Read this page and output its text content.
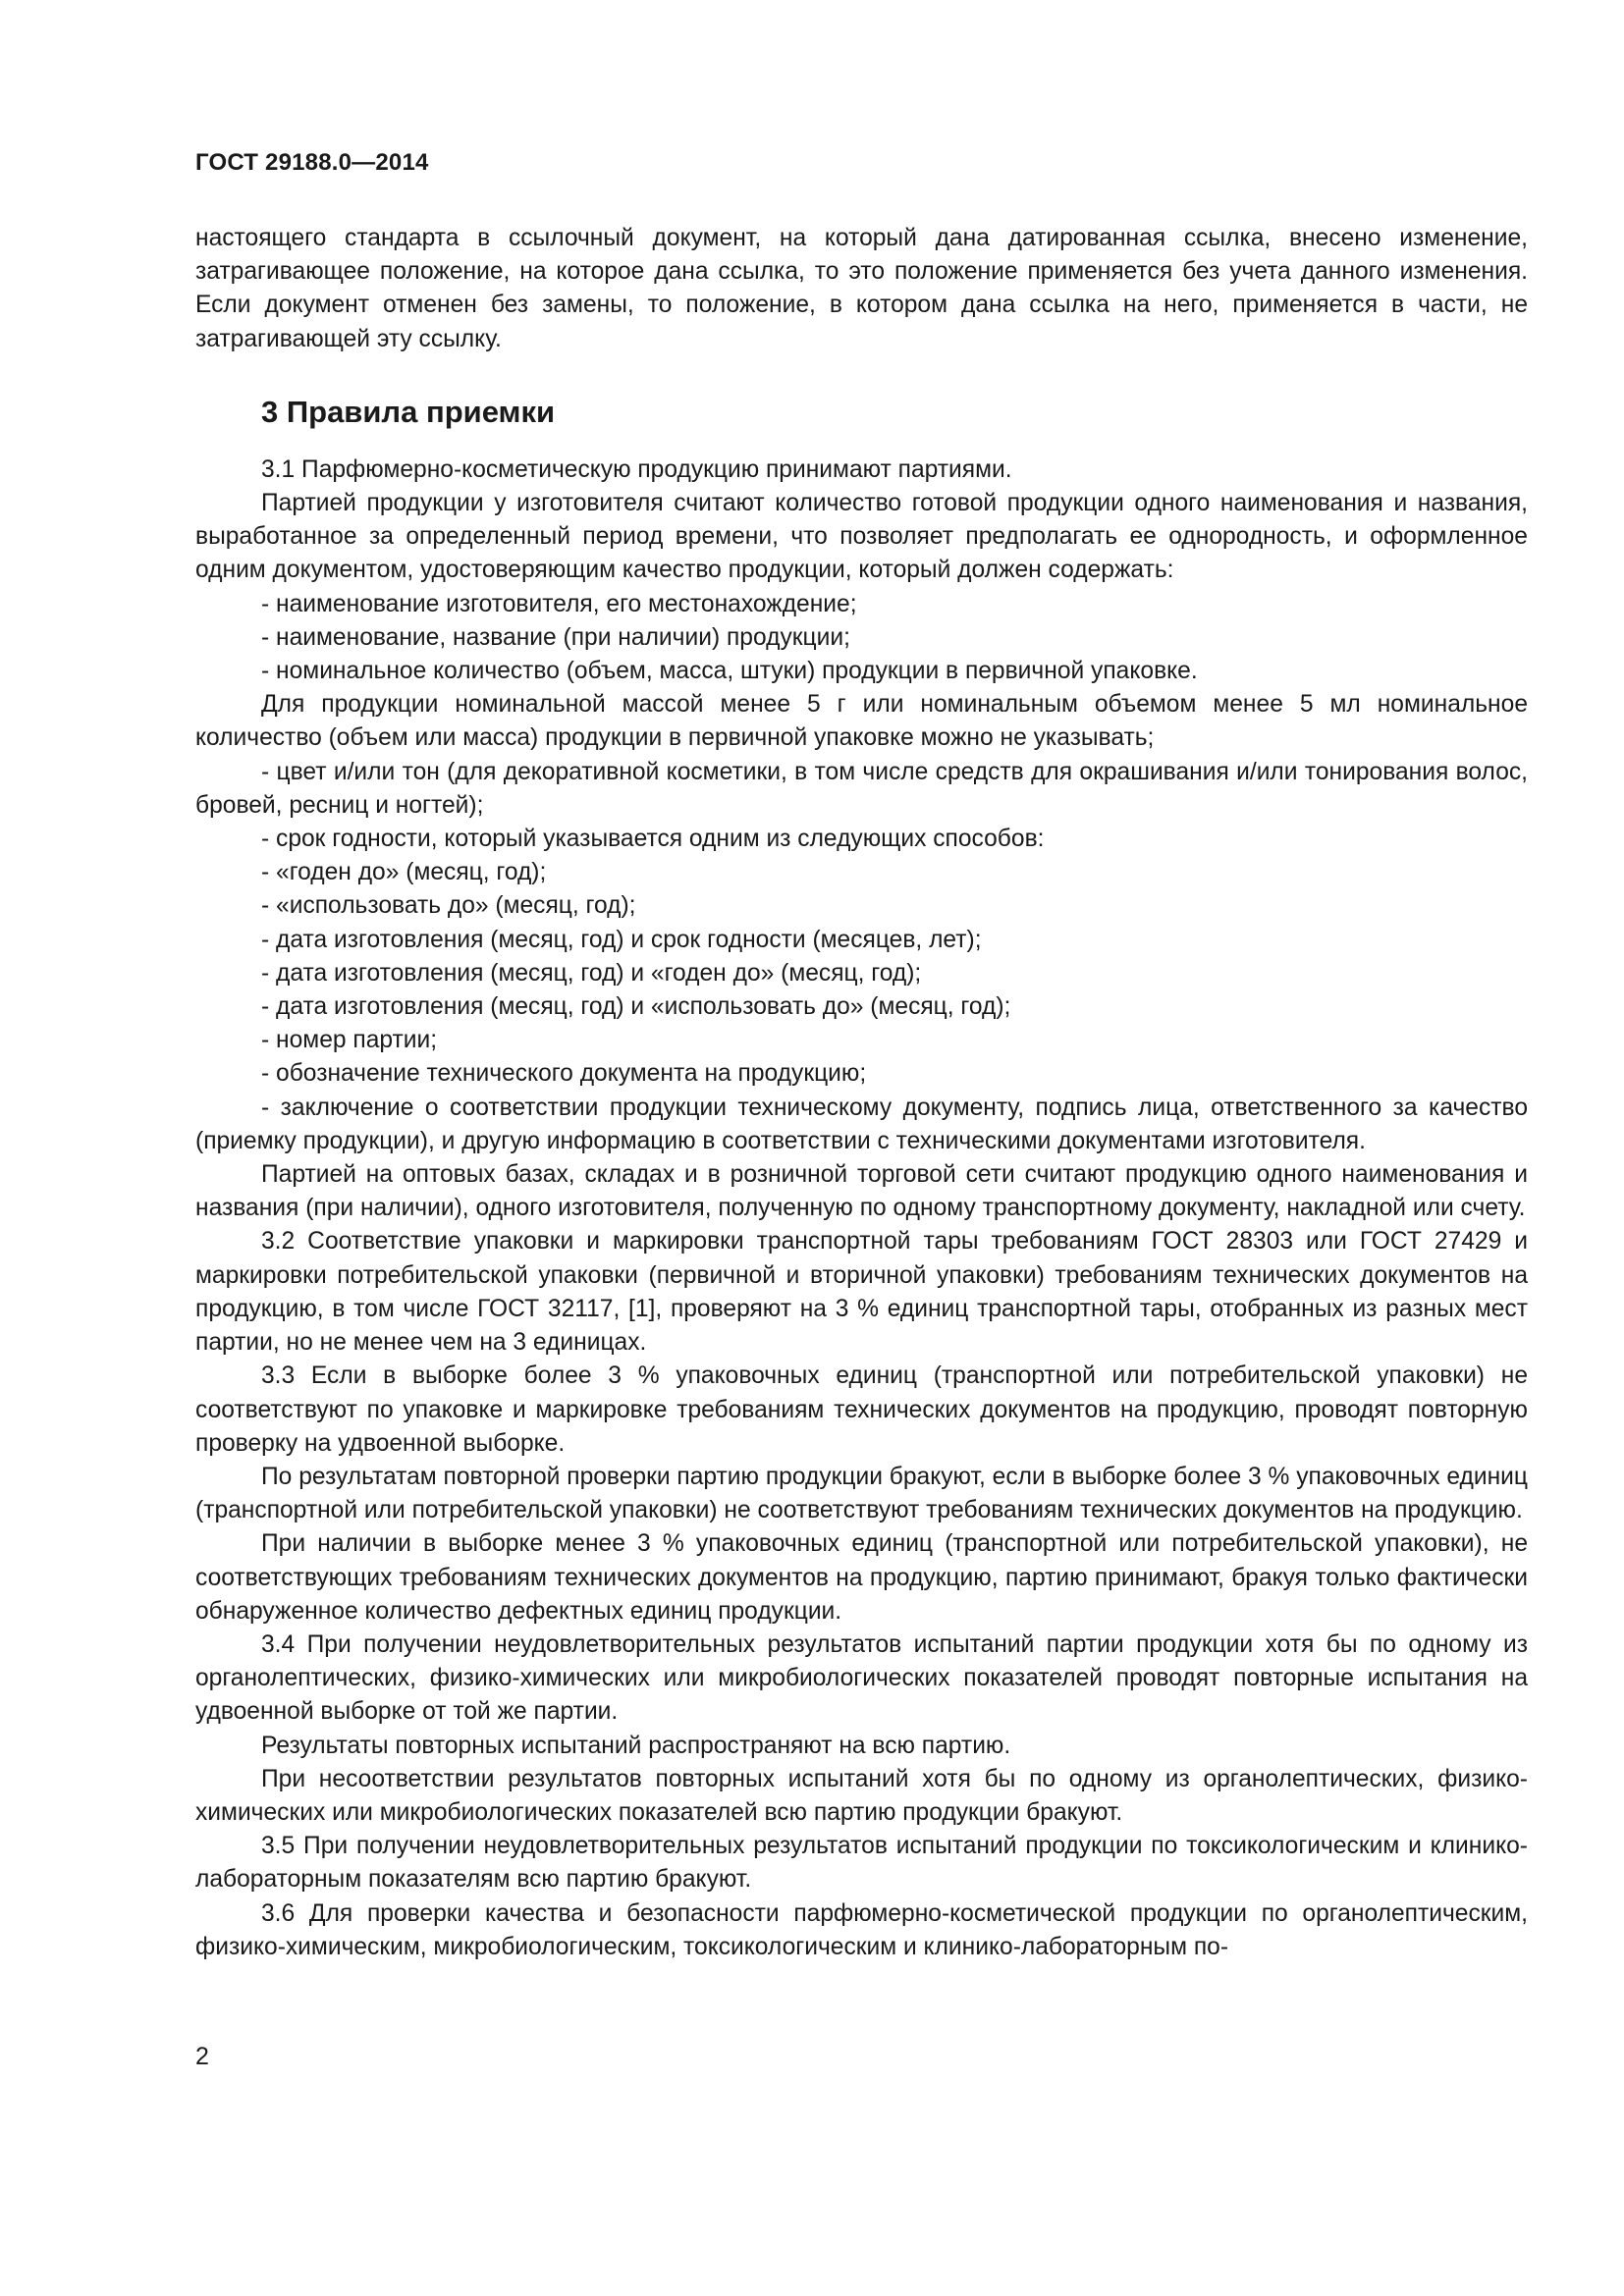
ГОСТ 29188.0—2014

настоящего стандарта в ссылочный документ, на который дана датированная ссылка, внесено изменение, затрагивающее положение, на которое дана ссылка, то это положение применяется без учета данного изменения. Если документ отменен без замены, то положение, в котором дана ссылка на него, применяется в части, не затрагивающей эту ссылку.

3 Правила приемки

3.1 Парфюмерно-косметическую продукцию принимают партиями.

Партией продукции у изготовителя считают количество готовой продукции одного наименования и названия, выработанное за определенный период времени, что позволяет предполагать ее однородность, и оформленное одним документом, удостоверяющим качество продукции, который должен содержать:

- наименование изготовителя, его местонахождение;

- наименование, название (при наличии) продукции;

- номинальное количество (объем, масса, штуки) продукции в первичной упаковке.

Для продукции номинальной массой менее 5 г или номинальным объемом менее 5 мл номинальное количество (объем или масса) продукции в первичной упаковке можно не указывать;

- цвет и/или тон (для декоративной косметики, в том числе средств для окрашивания и/или тонирования волос, бровей, ресниц и ногтей);

- срок годности, который указывается одним из следующих способов:

- «годен до» (месяц, год);

- «использовать до» (месяц, год);

- дата изготовления (месяц, год) и срок годности (месяцев, лет);

- дата изготовления (месяц, год) и «годен до» (месяц, год);

- дата изготовления (месяц, год) и «использовать до» (месяц, год);

- номер партии;

- обозначение технического документа на продукцию;

- заключение о соответствии продукции техническому документу, подпись лица, ответственного за качество (приемку продукции), и другую информацию в соответствии с техническими документами изготовителя.

Партией на оптовых базах, складах и в розничной торговой сети считают продукцию одного наименования и названия (при наличии), одного изготовителя, полученную по одному транспортному документу, накладной или счету.

3.2 Соответствие упаковки и маркировки транспортной тары требованиям ГОСТ 28303 или ГОСТ 27429 и маркировки потребительской упаковки (первичной и вторичной упаковки) требованиям технических документов на продукцию, в том числе ГОСТ 32117, [1], проверяют на 3 % единиц транспортной тары, отобранных из разных мест партии, но не менее чем на 3 единицах.

3.3 Если в выборке более 3 % упаковочных единиц (транспортной или потребительской упаковки) не соответствуют по упаковке и маркировке требованиям технических документов на продукцию, проводят повторную проверку на удвоенной выборке.

По результатам повторной проверки партию продукции бракуют, если в выборке более 3 % упаковочных единиц (транспортной или потребительской упаковки) не соответствуют требованиям технических документов на продукцию.

При наличии в выборке менее 3 % упаковочных единиц (транспортной или потребительской упаковки), не соответствующих требованиям технических документов на продукцию, партию принимают, бракуя только фактически обнаруженное количество дефектных единиц продукции.

3.4 При получении неудовлетворительных результатов испытаний партии продукции хотя бы по одному из органолептических, физико-химических или микробиологических показателей проводят повторные испытания на удвоенной выборке от той же партии.

Результаты повторных испытаний распространяют на всю партию.

При несоответствии результатов повторных испытаний хотя бы по одному из органолептических, физико-химических или микробиологических показателей всю партию продукции бракуют.

3.5 При получении неудовлетворительных результатов испытаний продукции по токсикологическим и клинико-лабораторным показателям всю партию бракуют.

3.6 Для проверки качества и безопасности парфюмерно-косметической продукции по органолептическим, физико-химическим, микробиологическим, токсикологическим и клинико-лабораторным по-

2
